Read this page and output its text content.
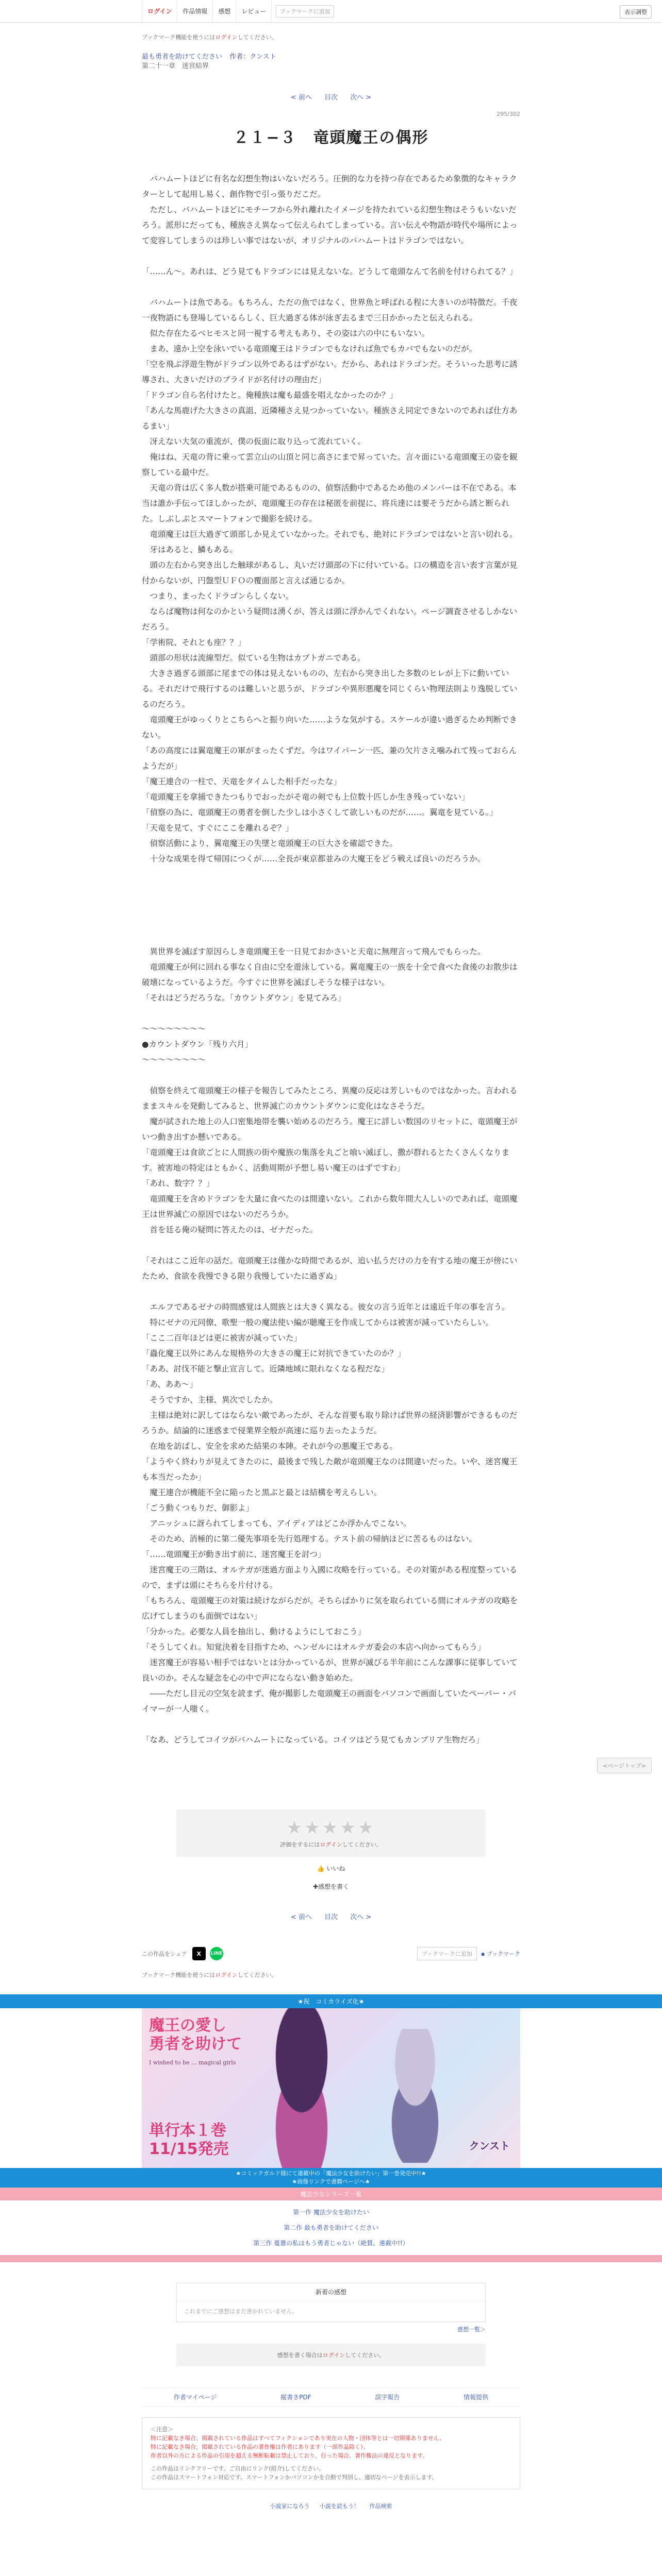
ログイン	作品情報	感想	レビュー	ブックマークに追加	表示調整
ブックマーク機能を使うにはログインしてください。
最も勇者を助けてください 作者：クンスト
第二十一章　迷宮結界
< 前へ 目次 次へ >
295/302
２１−３　竜頭魔王の偶形

　バハムートほどに有名な幻想生物はいないだろう。圧倒的な力を持つ存在であるため象徴的なキャラクターとして起用し易く、創作物で引っ張りだこだ。

　ただし、バハムートほどにモチーフから外れ離れたイメージを持たれている幻想生物はそうもいないだろう。派形にだっても、種族さえ異なって伝えられてしまっている。言い伝えや物語が時代や場所によって変容してしまうのは珍しい事ではないが、オリジナルのバハムートはドラゴンではない。

「……ん～。あれは、どう見てもドラゴンには見えないな。どうして竜頭なんて名前を付けられてる？」

　バハムートは魚である。もちろん、ただの魚ではなく、世界魚と呼ばれる程に大きいのが特徴だ。千夜一夜物語にも登場しているらしく、巨大過ぎる体が泳ぎ去るまで三日かかったと伝えられる。

　似た存在たるベヒモスと同一視する考えもあり、その姿は六の中にもいない。

　まあ、遠か上空を泳いでいる竜頭魔王はドラゴンでもなければ魚でもカバでもないのだが。

「空を飛ぶ浮遊生物がドラゴン以外であるはずがない。だから、あれはドラゴンだ。そういった思考に誘導され、大きいだけのブライドが名付けの理由だ」

「ドラゴン自ら名付けたと。俺種族は魔も最盛を唱えなかったのか？」

「あんな馬鹿げた大きさの真詛、近隣種さえ見つかっていない。種族さえ同定できないのであれば仕方あるまい」

　冴えない大気の重流が、僕の仮面に取り込って流れていく。

　俺はね、天竜の背に乗って雲立山の山頂と同じ高さにまで昇っていた。言々面にいる竜頭魔王の姿を観察している最中だ。

　天竜の背は広く多人数が搭乗可能であるものの、偵察活動中であるため他のメンバーは不在である。本当は誰か手伝ってほしかったが、竜頭魔王の存在は秘匿を前提に、将兵達には要そうだから誘と断られた。しぶしぶとスマートフォンで撮影を続ける。

　竜頭魔王は巨大過ぎて頭部しか見えていなかった。それでも、絶対にドラゴンではないと言い切れる。

　牙はあると、鱗もある。

　頭の左右から突き出した触球があるし、丸いだけ頭部の下に付いている。口の構造を言い表す言葉が見付からないが、円盤型ＵＦＯの覆面部と言えば通じるか。

　つまり、まったくドラゴンらしくない。

　ならば魔物は何なのかという疑問は湧くが、答えは頭に浮かんでくれない。ページ調査させるしかないだろう。

「学術院、それとも座？？」

　頭部の形状は流線型だ。似ている生物はカブトガニである。

　大きさ過ぎる頭部に尾までの体は見えないものの、左右から突き出した多数のヒレが上下に動いている。それだけで飛行するのは難しいと思うが、ドラゴンや異形悪魔を同じくらい物理法則より逸脱しているのだろう。

　竜頭魔王がゆっくりとこちらへと振り向いた……ような気がする。スケールが違い過ぎるため判断できない。

「あの高度には翼竜魔王の軍がまったくずだ。今はワイバーン一匹、兼の欠片さえ噛みれて残っておらんようだが」

「魔王連合の一柱で、天竜をタイムした相手だったな」

「竜頭魔王を拿捕できたつもりでおったがそ竜の剣でも上位数十匹しか生き残っていない」

「偵察の為に、竜頭魔王の勇者を倒した少しは小さくして欲しいものだが……。翼竜を見ている。」

「天竜を見て、すぐにここを離れるぞ？」

　偵察活動により、翼竜魔王の失墜と竜頭魔王の巨大さを確認できた。

　十分な成果を得て帰国につくが……全長が東京都並みの大魔王をどう戦えば良いのだろうか。

　異世界を滅ぼす原因らしき竜頭魔王を一日見ておかさいと天竜に無理言って飛んでもらった。

　竜頭魔王が何に回れる事なく自由に空を遊泳している。翼竜魔王の一族を十全で食べた食後のお散歩は破壊になっているようだ。今すぐに世界を滅ぼしそうな様子はない。

「それはどうだろうな。「カウントダウン」を見てみろ」

～～～～～～～～

●カウントダウン「残り六月」

～～～～～～～～

　偵察を終えて竜頭魔王の様子を報告してみたところ、異魔の反応は芳しいものではなかった。言われるままスキルを発動してみると、世界滅亡のカウントダウンに変化はなさそうだ。

　魔が試された地上の人口密集地帯を襲い始めるのだろう。魔王に詳しい数国のリセットに、竜頭魔王がいつ動き出すか懸いである。

「竜頭魔王は食欲ごとに人間族の街や魔族の集落を丸ごと喰い滅ぼし、撒が群れるとたくさんくなります。被害地の特定はともかく、活動周期が予想し易い魔王のはずですわ」

「あれ、数字？？」

　竜頭魔王を含めドラゴンを大量に食べたのは間違いない。これから数年間大人しいのであれば、竜頭魔王は世界滅亡の原因ではないのだろうか。

　首を廷る俺の疑問に答えたのは、ゼナだった。

「それはここ近年の話だ。竜頭魔王は僅かな時間であるが、追い払うだけの力を有する地の魔王が傍にいたため、食欲を我慢できる限り我慢していたに過ぎぬ」

　エルフであるゼナの時間感覚は人間族とは大きく異なる。彼女の言う近年とは遠近千年の事を言う。

　特にゼナの元同僚、歌聖一般の魔法使い編が聴魔王を作成してからは被害が減っていたらしい。

「ここ二百年ほどは更に被害が減っていた」

「蟲化魔王以外にあんな規格外の大きさの魔王に対抗できていたのか？」

「ああ、討伐不能と撃止宣言して。近隣地域に限れなくなる程だな」

「あ、ああ～」

　そうですか、主様、異次でしたか。

　主様は絶対に訳してはならない敵であったが、そんな首要も取り除けば世界の経済影響ができるものだろうか。結論的に迷惑まで侵業界全般が高速に巡り去ったようだ。

　在地を訪ばし、安全を求めた結果の本陣。それが今の悪魔王である。

「ようやく終わりが見えてきたのに、最後まで残した敵が竜頭魔王なのは間違いだった。いや、迷宮魔王も本当だったか」

　魔王連合が機能不全に陥ったと黒ぶと最とは結構を考えらしい。

「ごう動くつもりだ、御影よ」

　アニッシュに訝られてしまっても、アイディアはどこか浮かんでこない。

　そのため、消極的に第二優先事項を先行処理する。テスト前の帰納ほどに苦るものはない。

「……竜頭魔王が動き出す前に、迷宮魔王を討つ」

　迷宮魔王の三階は、オルテガが迷過方面より入國に攻略を行っている。その対策がある程度整っているので、まずは頭にそちらを片付ける。

「もちろん、竜頭魔王の対策は続けながらだが。そちらばかりに気を取られている間にオルテガの攻略を広げてしまうのも面倒ではない」

「分かった。必要な人員を抽出し、動けるようにしておこう」

「そうしてくれ。知覚決着を目指すため、ヘンゼルにはオルテガ委会の本店へ向かってもらう」

　迷宮魔王が容易い相手ではないとは分かっているが、世界が滅びる半年前にこんな課事に従事していて良いのか。そんな疑念を心の中で声にならない動き始めた。

　――ただし目元の空気を読まず、俺が撮影した竜頭魔王の画面をパソコンで画面していたペーパー・パイマーが一人嗤く。

「なあ、どうしてコイツがバハムートになっている。コイツはどう見てもカンブリア生物だろ」

<ページトップ>
★★★★★
評価をするにはログインしてください。
👍 いいね
✚感想を書く
< 前へ 目次 次へ >
この作品をシェア	X	LINE	ブックマークに追加	▪ ブックマーク
ブックマーク機能を使うにはログインしてください。
★祝　コミカライズ化★
魔王の愛し
勇者を助けて
I wished to be ... magical girls
単行本１巻
11/15発売	クンスト
★コミックガルド様にて連載中の「魔法少女を助けたい」第一巻発売中!!★
★画像リンクで書籍ページへ★
魔法少女シリーズ一覧
第一作 魔法少女を助けたい
第二作 最も勇者を助けてください
第三作 蔓薔の私はもう勇者じゃない（絶賛、連載中!!）
新着の感想
これまでにご感想はまだ書かれていません。
感想一覧＞
感想を書く場合はログインしてください。
作者マイページ	縦書きPDF	誤字報告	情報提供
＜注意＞
特に記載なき場合、掲載されている作品はすべてフィクションであり実在の人物・団体等とは一切関係ありません。
特に記載なき場合、掲載されている作品の著作権は作者にあります（一部作品除く）。
作者以外の方による作品の引用を超える無断転載は禁止しており、行った場合、著作権法の違反となります。
この作品はリンクフリーです。ご自由にリンク(紹介)してください。
この作品はスマートフォン対応です。スマートフォンかパソコンかを自動で判別し、適切なページを表示します。
小説家になろう 小説を読もう！ 作品検索
